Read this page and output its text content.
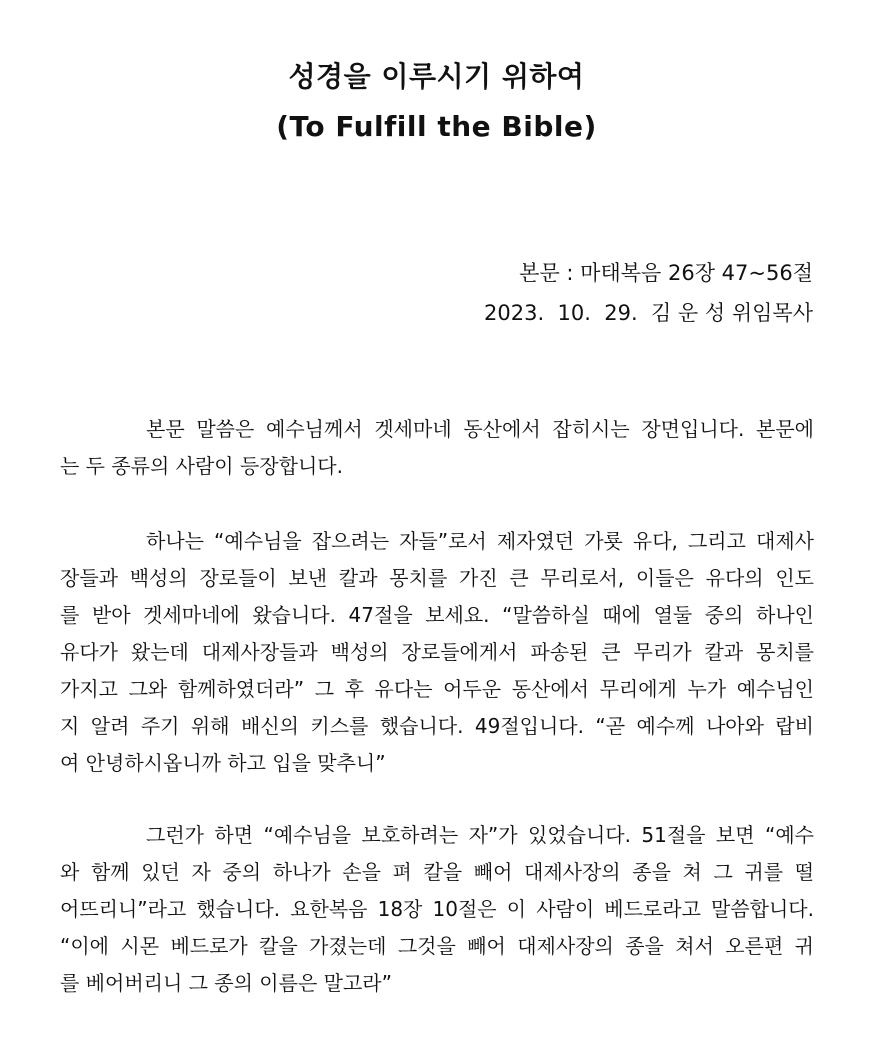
성경을 이루시기 위하여
(To Fulfill the Bible)
본문 : 마태복음 26장 47~56절
2023.  10.  29.  김 운 성 위임목사
본문 말씀은 예수님께서 겟세마네 동산에서 잡히시는 장면입니다. 본문에
는 두 종류의 사람이 등장합니다.
하나는 “예수님을 잡으려는 자들”로서 제자였던 가룟 유다, 그리고 대제사
장들과 백성의 장로들이 보낸 칼과 몽치를 가진 큰 무리로서, 이들은 유다의 인도
를 받아 겟세마네에 왔습니다. 47절을 보세요. “말씀하실 때에 열둘 중의 하나인
유다가 왔는데 대제사장들과 백성의 장로들에게서 파송된 큰 무리가 칼과 몽치를
가지고 그와 함께하였더라” 그 후 유다는 어두운 동산에서 무리에게 누가 예수님인
지 알려 주기 위해 배신의 키스를 했습니다. 49절입니다. “곧 예수께 나아와 랍비
여 안녕하시옵니까 하고 입을 맞추니”
그런가 하면 “예수님을 보호하려는 자”가 있었습니다. 51절을 보면 “예수
와 함께 있던 자 중의 하나가 손을 펴 칼을 빼어 대제사장의 종을 쳐 그 귀를 떨
어뜨리니”라고 했습니다. 요한복음 18장 10절은 이 사람이 베드로라고 말씀합니다.
“이에 시몬 베드로가 칼을 가졌는데 그것을 빼어 대제사장의 종을 쳐서 오른편 귀
를 베어버리니 그 종의 이름은 말고라”
